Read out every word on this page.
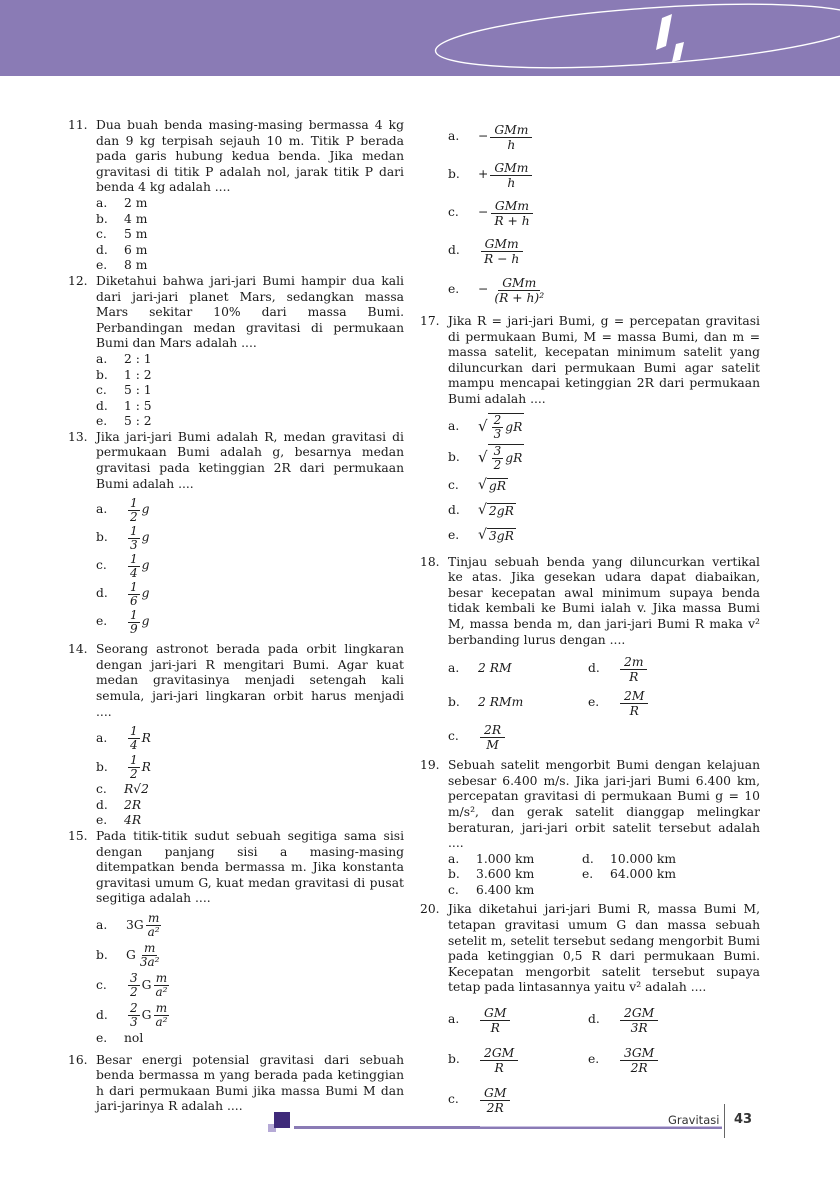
11. Dua buah benda masing-masing bermassa 4 kg dan 9 kg terpisah sejauh 10 m. Titik P berada pada garis hubung kedua benda. Jika medan gravitasi di titik P adalah nol, jarak titik P dari benda 4 kg adalah ....
a. 2 m
b. 4 m
c. 5 m
d. 6 m
e. 8 m
12. Diketahui bahwa jari-jari Bumi hampir dua kali dari jari-jari planet Mars, sedangkan massa Mars sekitar 10% dari massa Bumi. Perbandingan medan gravitasi di permukaan Bumi dan Mars adalah ....
a. 2 : 1
b. 1 : 2
c. 5 : 1
d. 1 : 5
e. 5 : 2
13. Jika jari-jari Bumi adalah R, medan gravitasi di permukaan Bumi adalah g, besarnya medan gravitasi pada ketinggian 2R dari permukaan Bumi adalah ....
a. $\frac{1}{2}$ g
b. $\frac{1}{3}$ g
c. $\frac{1}{4}$ g
d. $\frac{1}{6}$ g
e. $\frac{1}{9}$ g
14. Seorang astronot berada pada orbit lingkaran dengan jari-jari R mengitari Bumi. Agar kuat medan gravitasinya menjadi setengah kali semula, jari-jari lingkaran orbit harus menjadi ....
a. $\frac{1}{4}$ R
b. $\frac{1}{2}$ R
c. R√2
d. 2R
e. 4R
15. Pada titik-titik sudut sebuah segitiga sama sisi dengan panjang sisi a masing-masing ditempatkan benda bermassa m. Jika konstanta gravitasi umum G, kuat medan gravitasi di pusat segitiga adalah ....
a. $3G \frac{m}{\text{a²}}$
b. G $\frac{m}{\text{3a²}}$
c. $\frac{3}{2}$ G $\frac{m}{\text{a²}}$
d. $\frac{2}{3}$ G $\frac{m}{\text{a²}}$
e. nol
16. Besar energi potensial gravitasi dari sebuah benda bermassa m yang berada pada ketinggian h dari permukaan Bumi jika massa Bumi M dan jari-jarinya R adalah ....
a. − $\frac{\text{GMm}}{h}$
b. + $\frac{\text{GMm}}{h}$
c. − $\frac{\text{GMm}}{R + h}$
d. $\frac{\text{GMm}}{R - h}$
e. − $\frac{\text{GMm}}{\text{(R + h)²}}$
17. Jika R = jari-jari Bumi, g = percepatan gravitasi di permukaan Bumi, M = massa Bumi, dan m = massa satelit, kecepatan minimum satelit yang diluncurkan dari permukaan Bumi agar satelit mampu mencapai ketinggian 2R dari permukaan Bumi adalah ....
a. √ $\frac{2}{3}$ gR
b. √ $\frac{3}{2}$ gR
c. √ gR
d. √ 2gR
e. √ 3gR
18. Tinjau sebuah benda yang diluncurkan vertikal ke atas. Jika gesekan udara dapat diabaikan, besar kecepatan awal minimum supaya benda tidak kembali ke Bumi ialah v. Jika massa Bumi M, massa benda m, dan jari-jari Bumi R maka v² berbanding lurus dengan ....
a. 2 RM	d. $\frac{2m}{R}$
b. 2 RMm	e. $\frac{2M}{R}$
c. $\frac{2R}{M}$
19. Sebuah satelit mengorbit Bumi dengan kelajuan sebesar 6.400 m/s. Jika jari-jari Bumi 6.400 km, percepatan gravitasi di permukaan Bumi g = 10 m/s², dan gerak satelit dianggap melingkar beraturan, jari-jari orbit satelit tersebut adalah ....
a. 1.000 km	d. 10.000 km
b. 3.600 km	e. 64.000 km
c. 6.400 km
20. Jika diketahui jari-jari Bumi R, massa Bumi M, tetapan gravitasi umum G dan massa sebuah setelit m, setelit tersebut sedang mengorbit Bumi pada ketinggian 0,5 R dari permukaan Bumi. Kecepatan mengorbit satelit tersebut supaya tetap pada lintasannya yaitu v² adalah ....
a. $\frac{GM}{R}$	d. $\frac{2GM}{3R}$
b. $\frac{2GM}{R}$	e. $\frac{3GM}{2R}$
c. $\frac{GM}{2R}$
Gravitasi 43
